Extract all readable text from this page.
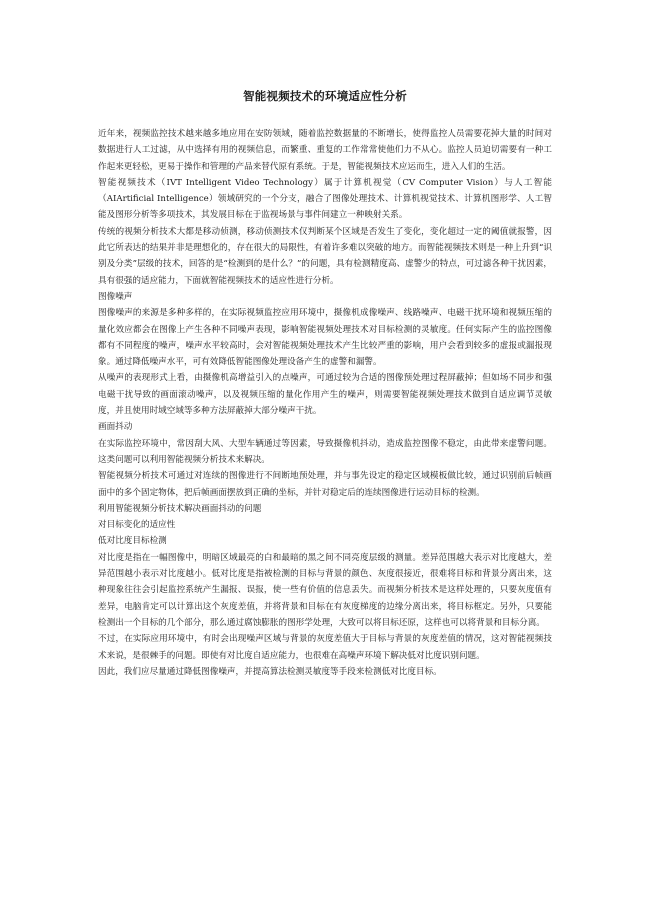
智能视频技术的环境适应性分析

近年来，视频监控技术越来越多地应用在安防领域，随着监控数据量的不断增长，使得监控人员需要花掉大量的时间对数据进行人工过滤，从中选择有用的视频信息，而繁重、重复的工作常常使他们力不从心。监控人员迫切需要有一种工作起来更轻松，更易于操作和管理的产品来替代原有系统。于是，智能视频技术应运而生，进入人们的生活。

智能视频技术（IVT Intelligent Video Technology）属于计算机视觉（CV Computer Vision）与人工智能（AIArtificial Intelligence）领域研究的一个分支，融合了图像处理技术、计算机视觉技术、计算机图形学、人工智能及图形分析等多项技术，其发展目标在于监视场景与事件间建立一种映射关系。

传统的视频分析技术大都是移动侦测，移动侦测技术仅判断某个区域是否发生了变化，变化超过一定的阈值就报警，因此它所表达的结果并非是理想化的，存在很大的局限性，有着许多难以突破的地方。而智能视频技术则是一种上升到“识别及分类”层级的技术，回答的是“检测到的是什么？”的问题，具有检测精度高、虚警少的特点，可过滤各种干扰因素，具有很强的适应能力，下面就智能视频技术的适应性进行分析。

图像噪声

图像噪声的来源是多种多样的，在实际视频监控应用环境中，摄像机成像噪声、线路噪声、电磁干扰环境和视频压缩的量化效应都会在图像上产生各种不同噪声表现，影响智能视频处理技术对目标检测的灵敏度。任何实际产生的监控图像都有不同程度的噪声，噪声水平较高时，会对智能视频处理技术产生比较严重的影响，用户会看到较多的虚报或漏报现象。通过降低噪声水平，可有效降低智能图像处理设备产生的虚警和漏警。

从噪声的表现形式上看，由摄像机高增益引入的点噪声，可通过较为合适的图像预处理过程屏蔽掉；但如场不同步和强电磁干扰导致的画面滚动噪声，以及视频压缩的量化作用产生的噪声，则需要智能视频处理技术做到自适应调节灵敏度，并且使用时域空域等多种方法屏蔽掉大部分噪声干扰。

画面抖动

在实际监控环境中，常因刮大风、大型车辆通过等因素，导致摄像机抖动，造成监控图像不稳定，由此带来虚警问题。这类问题可以利用智能视频分析技术来解决。

智能视频分析技术可通过对连续的图像进行不间断地预处理，并与事先设定的稳定区域模板做比较，通过识别前后帧画面中的多个固定物体，把后帧画面摆放到正确的坐标，并针对稳定后的连续图像进行运动目标的检测。

利用智能视频分析技术解决画面抖动的问题

对目标变化的适应性

低对比度目标检测

对比度是指在一幅图像中，明暗区域最亮的白和最暗的黑之间不同亮度层级的测量。差异范围越大表示对比度越大，差异范围越小表示对比度越小。低对比度是指被检测的目标与背景的颜色、灰度很接近，很难将目标和背景分离出来，这种现象往往会引起监控系统产生漏报、误报，使一些有价值的信息丢失。而视频分析技术是这样处理的，只要灰度值有差异，电脑肯定可以计算出这个灰度差值，并将背景和目标在有灰度梯度的边缘分离出来，将目标框定。另外，只要能检测出一个目标的几个部分，那么通过腐蚀膨胀的图形学处理，大致可以将目标还原，这样也可以将背景和目标分离。

不过，在实际应用环境中，有时会出现噪声区域与背景的灰度差值大于目标与背景的灰度差值的情况，这对智能视频技术来说，是很棘手的问题。即使有对比度自适应能力，也很难在高噪声环境下解决低对比度识别问题。

因此，我们应尽量通过降低图像噪声，并提高算法检测灵敏度等手段来检测低对比度目标。
